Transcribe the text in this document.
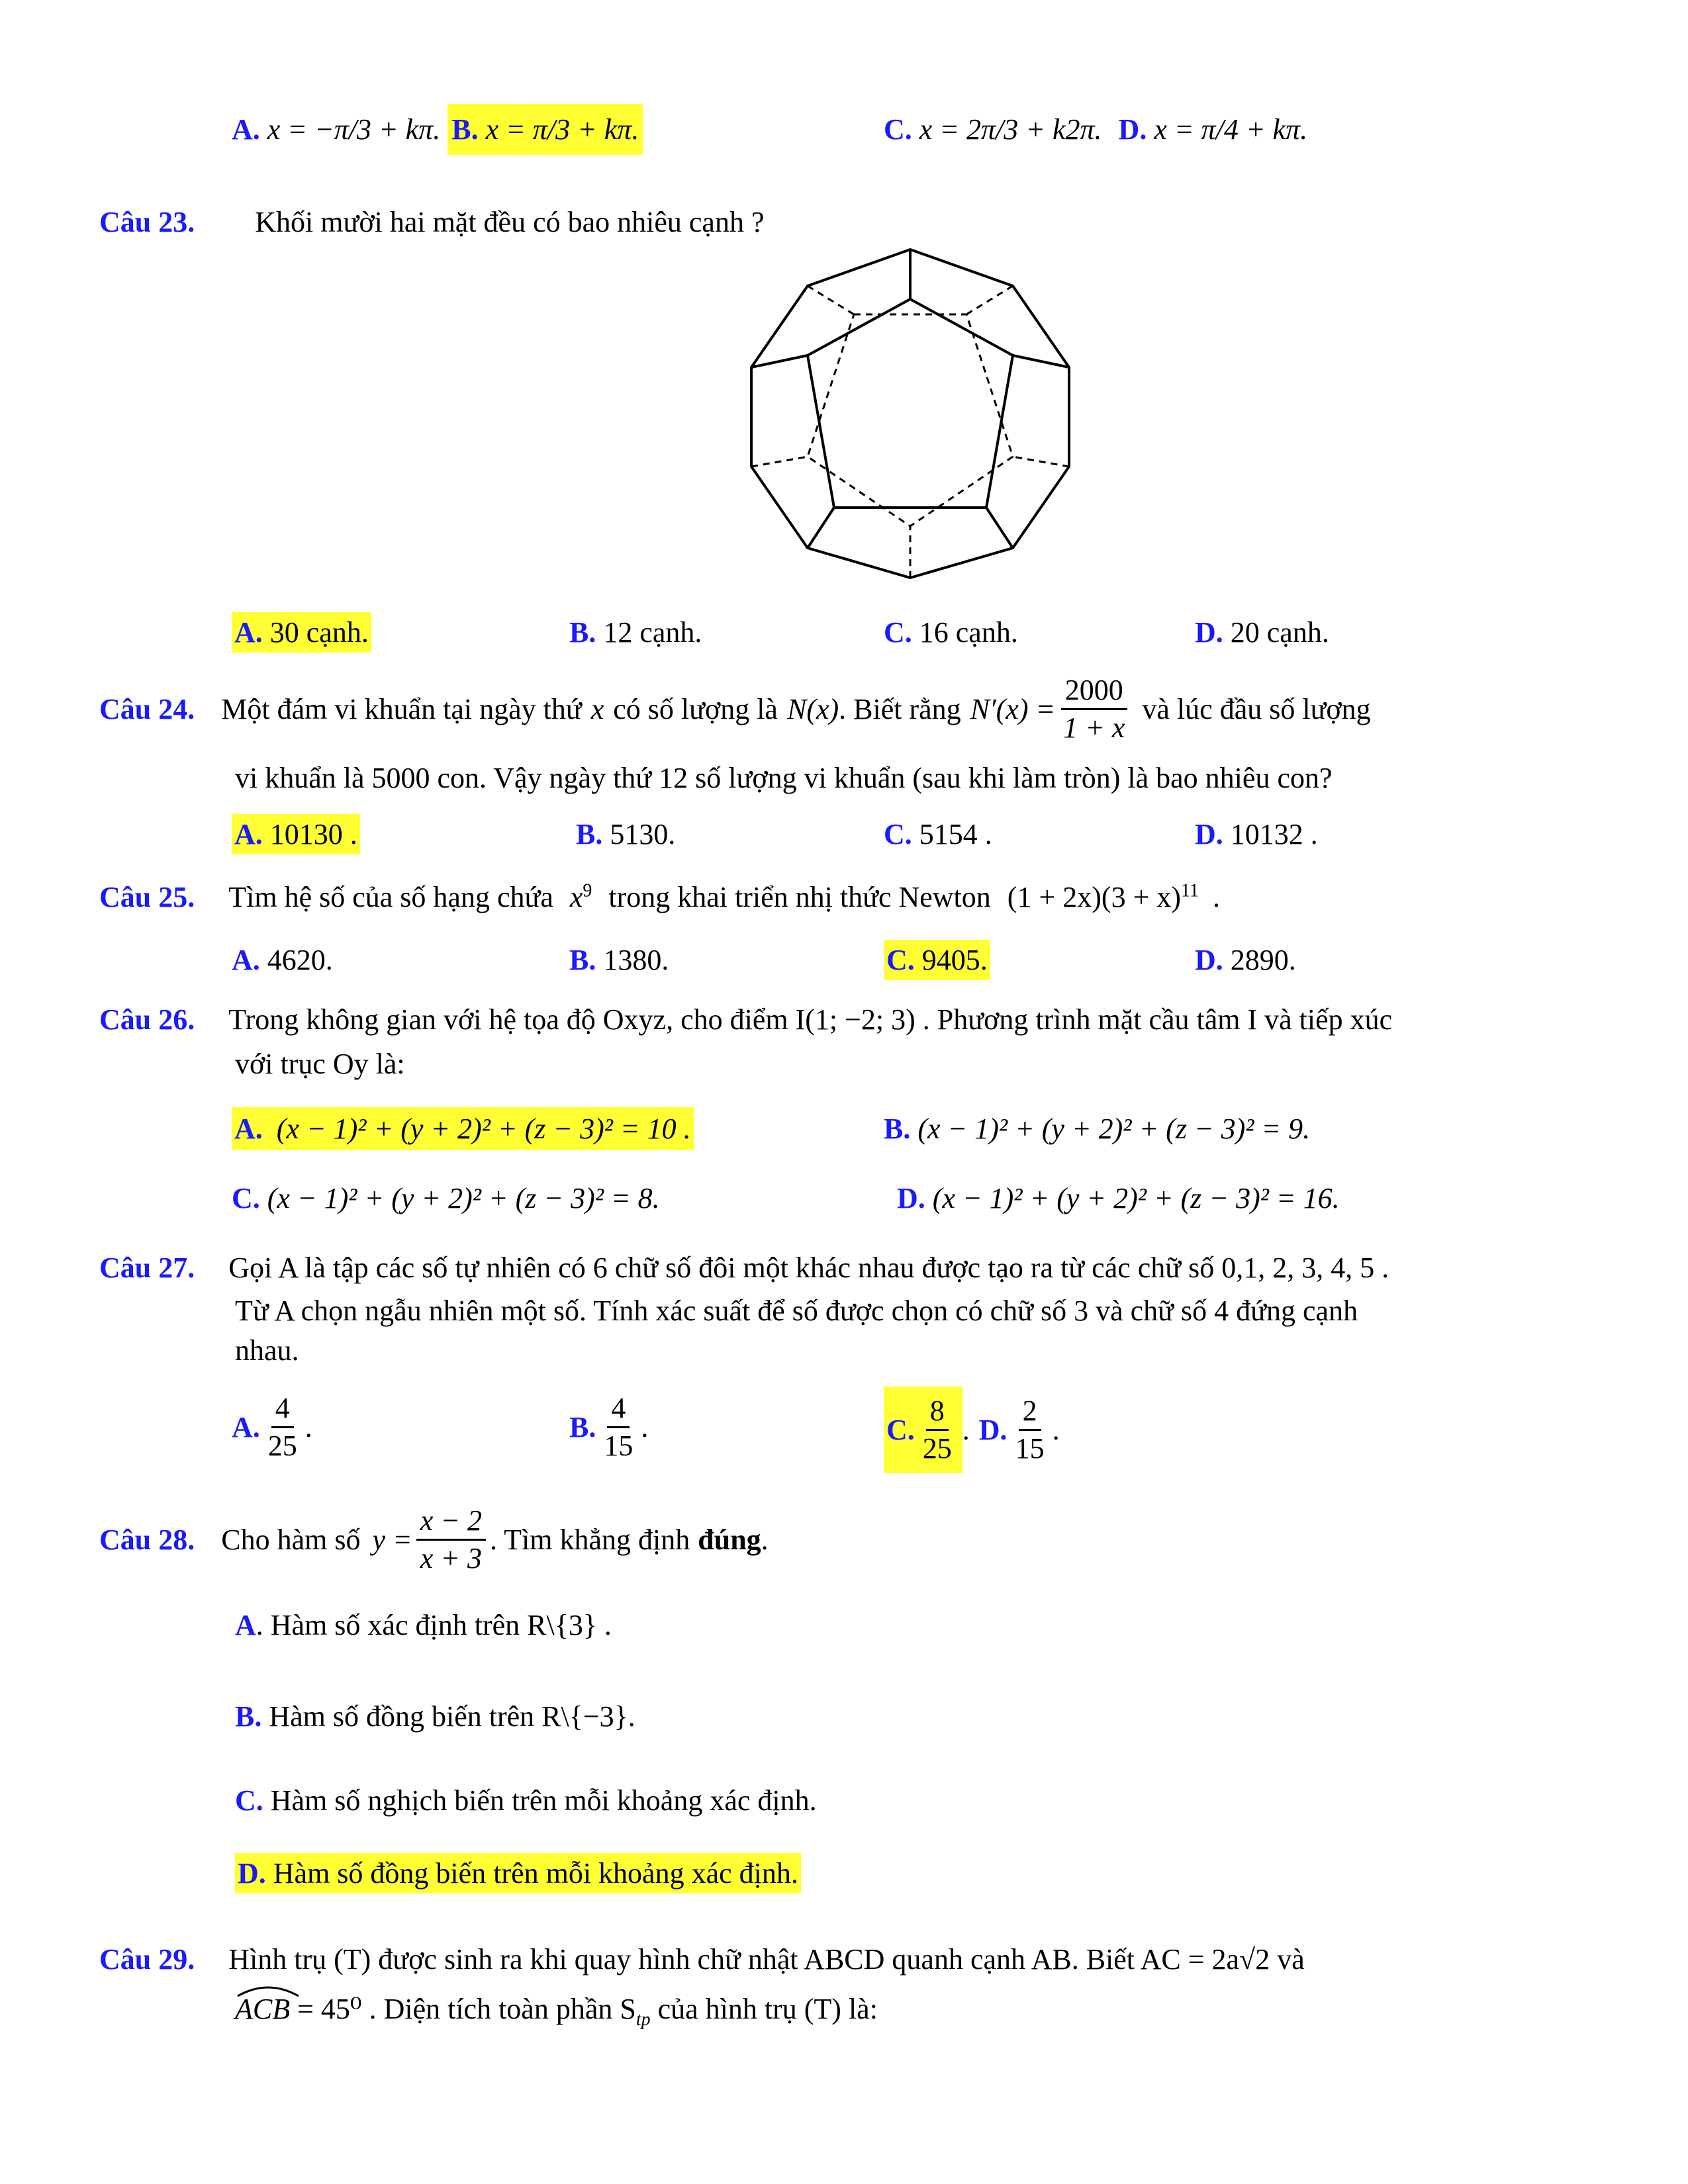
A. x = −π/3 + kπ. B. x = π/3 + kπ.	C. x = 2π/3 + k2π. D. x = π/4 + kπ.
Câu 23. Khối mười hai mặt đều có bao nhiêu cạnh ?
A. 30 cạnh.	B. 12 cạnh.	C. 16 cạnh.	D. 20 cạnh.
Câu 24. Một đám vi khuẩn tại ngày thứ x có số lượng là N(x) . Biết rằng $N'(x) = \frac{2000}{1 + x}$ và lúc đầu số lượng
vi khuẩn là 5000 con. Vậy ngày thứ 12 số lượng vi khuẩn (sau khi làm tròn) là bao nhiêu con?
A. 10130 .	B. 5130.	C. 5154 .	D. 10132 .
Câu 25. Tìm hệ số của số hạng chứa $x^9$ trong khai triển nhị thức Newton $(1 + 2x)(3 + x)^{11}$ .
A. 4620.	B. 1380.	C. 9405.	D. 2890.
Câu 26. Trong không gian với hệ tọa độ Oxyz, cho điểm I(1; −2; 3) . Phương trình mặt cầu tâm I và tiếp xúc
với trục Oy là:
A. (x − 1)² + (y + 2)² + (z − 3)² = 10 .	B. (x − 1)² + (y + 2)² + (z − 3)² = 9.
C. (x − 1)² + (y + 2)² + (z − 3)² = 8.	D. (x − 1)² + (y + 2)² + (z − 3)² = 16.
Câu 27. Gọi A là tập các số tự nhiên có 6 chữ số đôi một khác nhau được tạo ra từ các chữ số 0,1, 2, 3, 4, 5 .
Từ A chọn ngẫu nhiên một số. Tính xác suất để số được chọn có chữ số 3 và chữ số 4 đứng cạnh
nhau.
A. $\frac{4}{25}$ .	B. $\frac{4}{15}$ .	C. $\frac{8}{25}$ . D. $\frac{2}{15}$ .
Câu 28. Cho hàm số $y = \frac{x - 2}{x + 3}$ . Tìm khẳng định đúng .
A. Hàm số xác định trên R\{3} .
B. Hàm số đồng biến trên R\{−3}.
C. Hàm số nghịch biến trên mỗi khoảng xác định.
D. Hàm số đồng biến trên mỗi khoảng xác định.
Câu 29. Hình trụ (T) được sinh ra khi quay hình chữ nhật ABCD quanh cạnh AB. Biết AC = 2a√2 và
ACB = 45⁰ . Diện tích toàn phần $S_{tp}$ của hình trụ (T) là:
